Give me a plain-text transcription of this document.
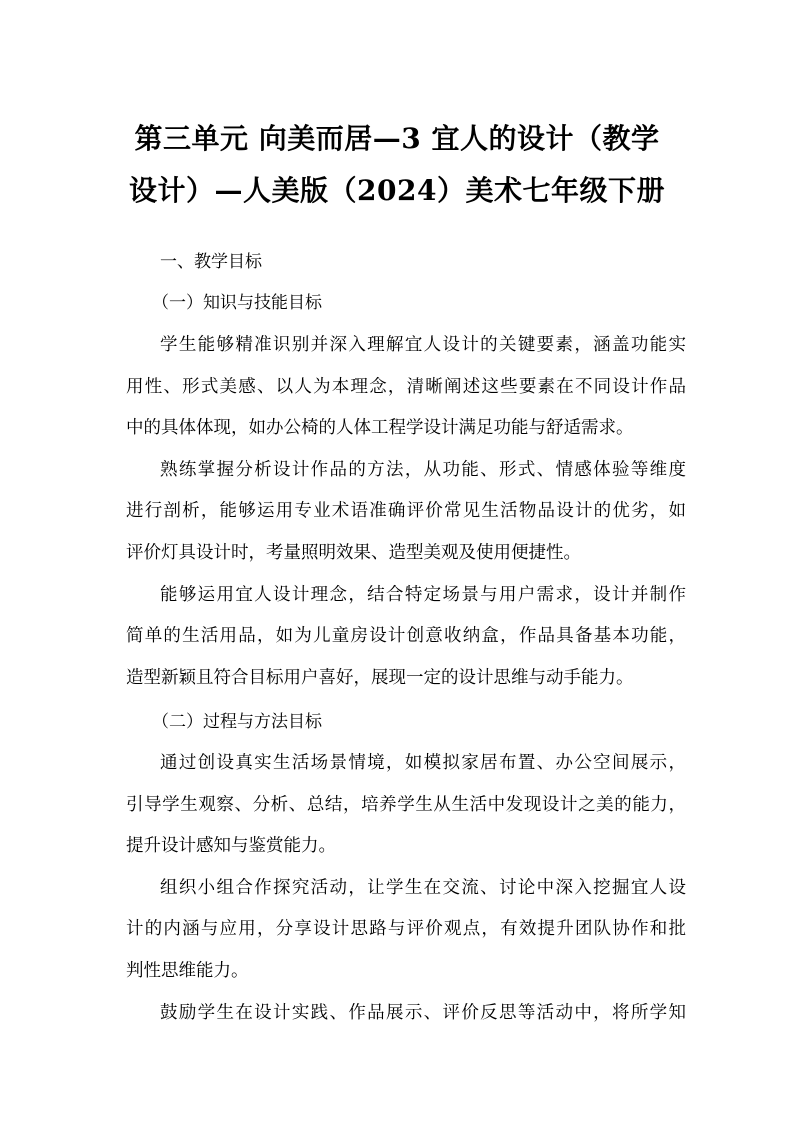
第三单元 向美而居—3 宜人的设计（教学
设计）—人美版（2024）美术七年级下册
一、教学目标
（一）知识与技能目标
学生能够精准识别并深入理解宜人设计的关键要素，涵盖功能实
用性、形式美感、以人为本理念，清晰阐述这些要素在不同设计作品
中的具体体现，如办公椅的人体工程学设计满足功能与舒适需求。
熟练掌握分析设计作品的方法，从功能、形式、情感体验等维度
进行剖析，能够运用专业术语准确评价常见生活物品设计的优劣，如
评价灯具设计时，考量照明效果、造型美观及使用便捷性。
能够运用宜人设计理念，结合特定场景与用户需求，设计并制作
简单的生活用品，如为儿童房设计创意收纳盒，作品具备基本功能，
造型新颖且符合目标用户喜好，展现一定的设计思维与动手能力。
（二）过程与方法目标
通过创设真实生活场景情境，如模拟家居布置、办公空间展示，
引导学生观察、分析、总结，培养学生从生活中发现设计之美的能力，
提升设计感知与鉴赏能力。
组织小组合作探究活动，让学生在交流、讨论中深入挖掘宜人设
计的内涵与应用，分享设计思路与评价观点，有效提升团队协作和批
判性思维能力。
鼓励学生在设计实践、作品展示、评价反思等活动中，将所学知
